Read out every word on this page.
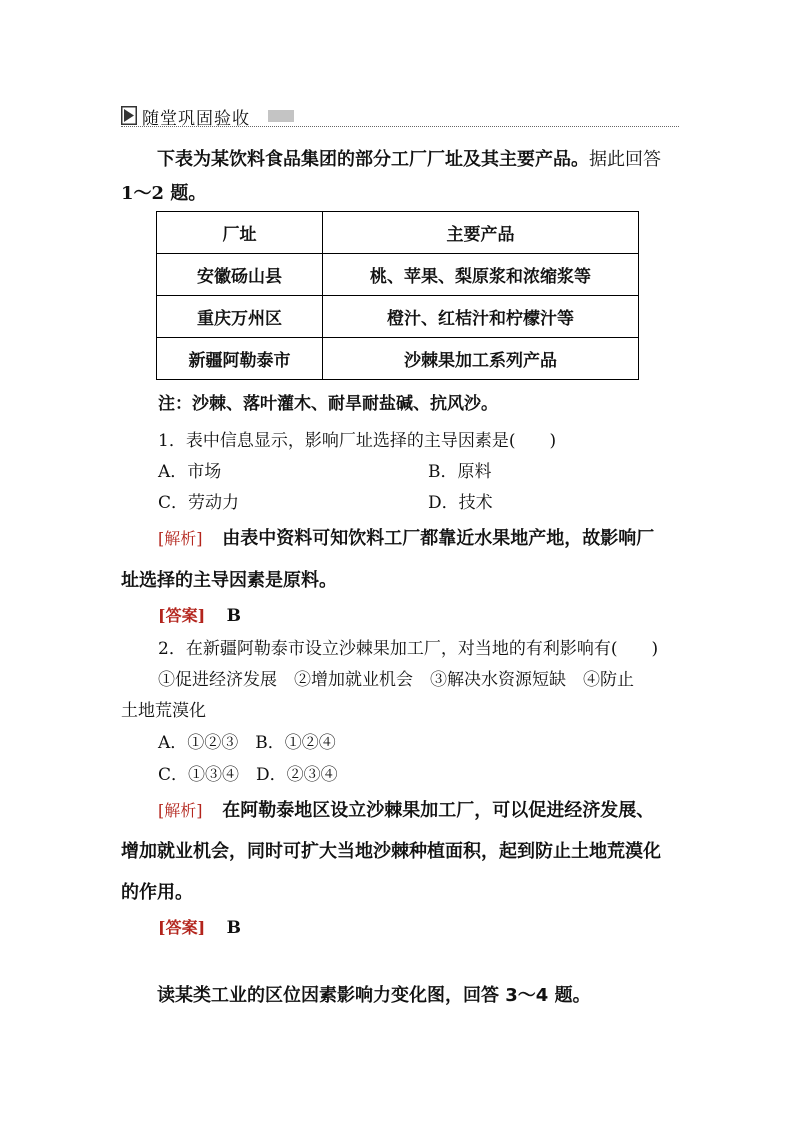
随堂巩固验收
下表为某饮料食品集团的部分工厂厂址及其主要产品。据此回答
1～2 题。
厂址	主要产品
安徽砀山县	桃、苹果、梨原浆和浓缩浆等
重庆万州区	橙汁、红桔汁和柠檬汁等
新疆阿勒泰市	沙棘果加工系列产品
注：沙棘、落叶灌木、耐旱耐盐碱、抗风沙。
1．表中信息显示，影响厂址选择的主导因素是(　　)
A．市场	B．原料
C．劳动力	D．技术
[解析] 由表中资料可知饮料工厂都靠近水果地产地，故影响厂
址选择的主导因素是原料。
[答案] B
2．在新疆阿勒泰市设立沙棘果加工厂，对当地的有利影响有(　　)
①促进经济发展　②增加就业机会　③解决水资源短缺　④防止
土地荒漠化
A．①②③　B．①②④
C．①③④　D．②③④
[解析] 在阿勒泰地区设立沙棘果加工厂，可以促进经济发展、
增加就业机会，同时可扩大当地沙棘种植面积，起到防止土地荒漠化
的作用。
[答案] B
读某类工业的区位因素影响力变化图，回答 3～4 题。
